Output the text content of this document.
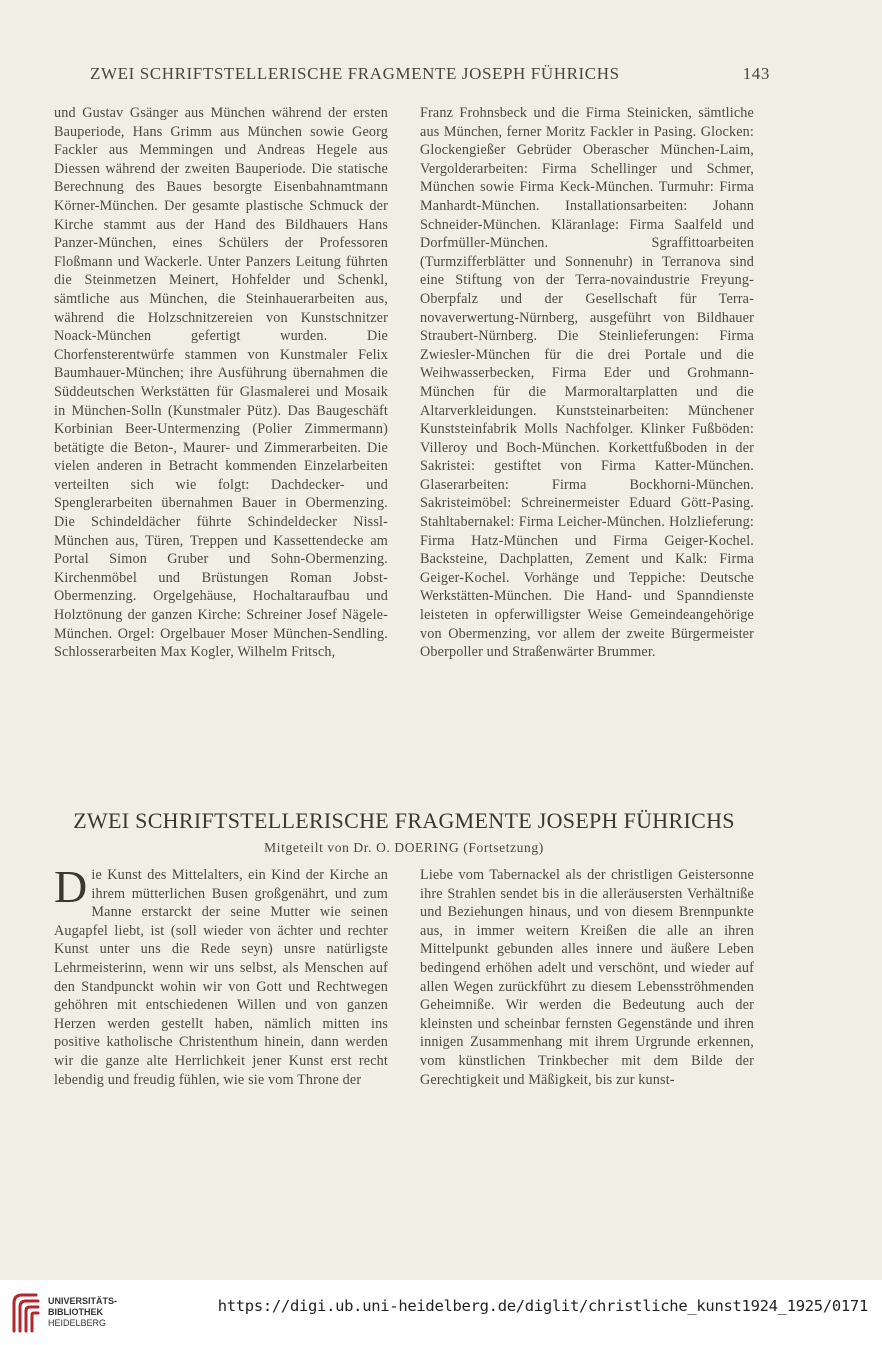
ZWEI SCHRIFTSTELLERISCHE FRAGMENTE JOSEPH FÜHRICHS	143

und Gustav Gsänger aus München während der ersten Bauperiode, Hans Grimm aus München sowie Georg Fackler aus Memmingen und Andreas Hegele aus Diessen während der zweiten Bauperiode. Die statische Berechnung des Baues besorgte Eisenbahnamtmann Körner-München. Der gesamte plastische Schmuck der Kirche stammt aus der Hand des Bildhauers Hans Panzer-München, eines Schülers der Professoren Floßmann und Wackerle. Unter Panzers Leitung führten die Steinmetzen Meinert, Hohfelder und Schenkl, sämtliche aus München, die Steinhauerarbeiten aus, während die Holzschnitzereien von Kunstschnitzer Noack-München gefertigt wurden. Die Chorfensterentwürfe stammen von Kunstmaler Felix Baumhauer-München; ihre Ausführung übernahmen die Süddeutschen Werkstätten für Glasmalerei und Mosaik in München-Solln (Kunstmaler Pütz). Das Baugeschäft Korbinian Beer-Untermenzing (Polier Zimmermann) betätigte die Beton-, Maurer- und Zimmerarbeiten. Die vielen anderen in Betracht kommenden Einzelarbeiten verteilten sich wie folgt: Dachdecker- und Spenglerarbeiten übernahmen Bauer in Obermenzing. Die Schindeldächer führte Schindeldecker Nissl-München aus, Türen, Treppen und Kassettendecke am Portal Simon Gruber und Sohn-Obermenzing. Kirchenmöbel und Brüstungen Roman Jobst-Obermenzing. Orgelgehäuse, Hochaltaraufbau und Holztönung der ganzen Kirche: Schreiner Josef Nägele-München. Orgel: Orgelbauer Moser München-Sendling. Schlosserarbeiten Max Kogler, Wilhelm Fritsch,

Franz Frohnsbeck und die Firma Steinicken, sämtliche aus München, ferner Moritz Fackler in Pasing. Glocken: Glockengießer Gebrüder Oberascher München-Laim, Vergolderarbeiten: Firma Schellinger und Schmer, München sowie Firma Keck-München. Turmuhr: Firma Manhardt-München. Installationsarbeiten: Johann Schneider-München. Kläranlage: Firma Saalfeld und Dorfmüller-München. Sgraffittoarbeiten (Turmzifferblätter und Sonnenuhr) in Terranova sind eine Stiftung von der Terra-novaindustrie Freyung-Oberpfalz und der Gesellschaft für Terra-novaverwertung-Nürnberg, ausgeführt von Bildhauer Straubert-Nürnberg. Die Steinlieferungen: Firma Zwiesler-München für die drei Portale und die Weihwasserbecken, Firma Eder und Grohmann-München für die Marmoraltarplatten und die Altarverkleidungen. Kunststeinarbeiten: Münchener Kunststeinfabrik Molls Nachfolger. Klinker Fußböden: Villeroy und Boch-München. Korkettfußboden in der Sakristei: gestiftet von Firma Katter-München. Glaserarbeiten: Firma Bockhorni-München. Sakristeimöbel: Schreinermeister Eduard Gött-Pasing. Stahltabernakel: Firma Leicher-München. Holzlieferung: Firma Hatz-München und Firma Geiger-Kochel. Backsteine, Dachplatten, Zement und Kalk: Firma Geiger-Kochel. Vorhänge und Teppiche: Deutsche Werkstätten-München. Die Hand- und Spanndienste leisteten in opferwilligster Weise Gemeindeangehörige von Obermenzing, vor allem der zweite Bürgermeister Oberpoller und Straßenwärter Brummer.

ZWEI SCHRIFTSTELLERISCHE FRAGMENTE JOSEPH FÜHRICHS
Mitgeteilt von Dr. O. DOERING (Fortsetzung)

Die Kunst des Mittelalters, ein Kind der Kirche an ihrem mütterlichen Busen großgenährt, und zum Manne erstarckt der seine Mutter wie seinen Augapfel liebt, ist (soll wieder von ächter und rechter Kunst unter uns die Rede seyn) unsre natürligste Lehrmeisterinn, wenn wir uns selbst, als Menschen auf den Standpunckt wohin wir von Gott und Rechtwegen gehöhren mit entschiedenen Willen und von ganzen Herzen werden gestellt haben, nämlich mitten ins positive katholische Christenthum hinein, dann werden wir die ganze alte Herrlichkeit jener Kunst erst recht lebendig und freudig fühlen, wie sie vom Throne der

Liebe vom Tabernackel als der christligen Geistersonne ihre Strahlen sendet bis in die alleräusersten Verhältniße und Beziehungen hinaus, und von diesem Brennpunkte aus, in immer weitern Kreißen die alle an ihren Mittelpunkt gebunden alles innere und äußere Leben bedingend erhöhen adelt und verschönt, und wieder auf allen Wegen zurückführt zu diesem Lebensströhmenden Geheimniße. Wir werden die Bedeutung auch der kleinsten und scheinbar fernsten Gegenstände und ihren innigen Zusammenhang mit ihrem Urgrunde erkennen, vom künstlichen Trinkbecher mit dem Bilde der Gerechtigkeit und Mäßigkeit, bis zur kunst-

UNIVERSITÄTS-
BIBLIOTHEK
HEIDELBERG
https://digi.ub.uni-heidelberg.de/diglit/christliche_kunst1924_1925/0171
